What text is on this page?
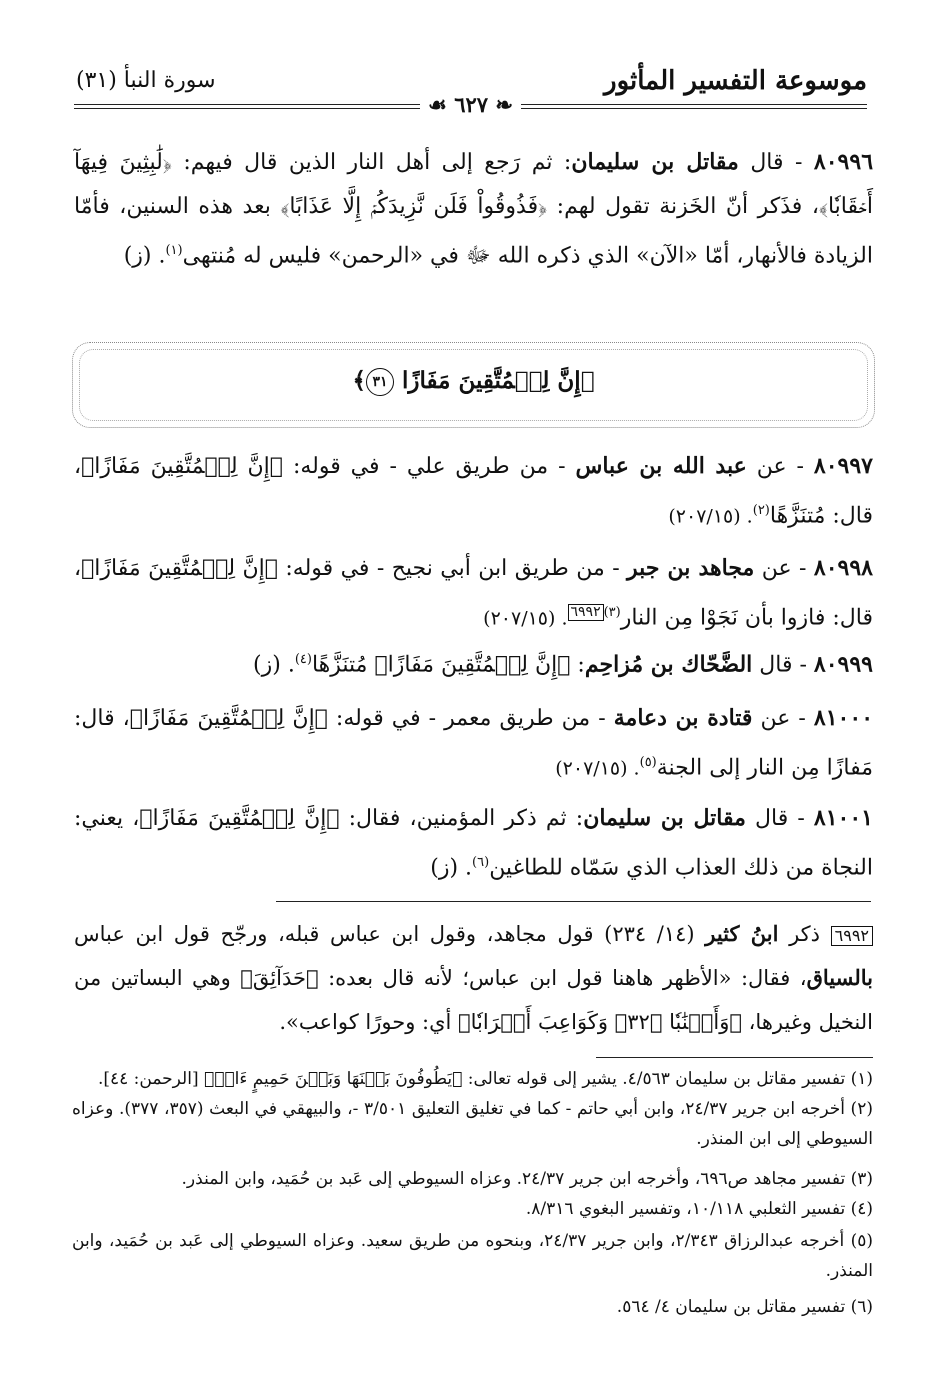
موسوعة التفسير المأثور
سورة النبأ (٣١)
❧ ٦٢٧ ☙
٨٠٩٩٦ - قال مقاتل بن سليمان: ثم رَجع إلى أهل النار الذين قال فيهم: ﴿لَٰبِثِينَ فِيهَآ أَحۡقَابٗا﴾، فذَكر أنّ الخَزنة تقول لهم: ﴿فَذُوقُواْ فَلَن نَّزِيدَكُمۡ إِلَّا عَذَابًا﴾ بعد هذه السنين، فأمّا الزيادة فالأنهار، أمّا «الآن» الذي ذكره الله ﷻ في «الرحمن» فليس له مُنتهى$^{(١)}$. (ز)
﴿إِنَّ لِلۡمُتَّقِينَ مَفَازًا ٣١﴾
٨٠٩٩٧ - عن عبد الله بن عباس - من طريق علي - في قوله: ﴿إِنَّ لِلۡمُتَّقِينَ مَفَازًا﴾، قال: مُتنَزَّهًا$^{(٢)}$. (٢٠٧/١٥)
٨٠٩٩٨ - عن مجاهد بن جبر - من طريق ابن أبي نجيح - في قوله: ﴿إِنَّ لِلۡمُتَّقِينَ مَفَازًا﴾، قال: فازوا بأن نَجَوْا مِن النار$^{(٣)}$٦٩٩٢. (٢٠٧/١٥)
٨٠٩٩٩ - قال الضَّحّاك بن مُزاحِم: ﴿إِنَّ لِلۡمُتَّقِينَ مَفَازًا﴾ مُتنَزَّهًا$^{(٤)}$. (ز)
٨١٠٠٠ - عن قتادة بن دعامة - من طريق معمر - في قوله: ﴿إِنَّ لِلۡمُتَّقِينَ مَفَازًا﴾، قال: مَفازًا مِن النار إلى الجنة$^{(٥)}$. (٢٠٧/١٥)
٨١٠٠١ - قال مقاتل بن سليمان: ثم ذكر المؤمنين، فقال: ﴿إِنَّ لِلۡمُتَّقِينَ مَفَازًا﴾، يعني: النجاة من ذلك العذاب الذي سَمّاه للطاغين$^{(٦)}$. (ز)
٦٩٩٢ ذكر ابنُ كثير (١٤/ ٢٣٤) قول مجاهد، وقول ابن عباس قبله، ورجّح قول ابن عباس بالسياق، فقال: «الأظهر هاهنا قول ابن عباس؛ لأنه قال بعده: ﴿حَدَآئِقَ﴾ وهي البساتين من النخيل وغيرها، ﴿وَأَعۡنَٰبٗا ﴿٣٢﴾ وَكَوَاعِبَ أَتۡرَابٗا﴾ أي: وحورًا كواعب».
(١) تفسير مقاتل بن سليمان ٤/٥٦٣. يشير إلى قوله تعالى: ﴿يَطُوفُونَ بَيۡنَهَا وَبَيۡنَ حَمِيمٍ ءَانٖ﴾ [الرحمن: ٤٤].
(٢) أخرجه ابن جرير ٢٤/٣٧، وابن أبي حاتم - كما في تغليق التعليق ٣/٥٠١ -، والبيهقي في البعث (٣٥٧، ٣٧٧). وعزاه السيوطي إلى ابن المنذر.
(٣) تفسير مجاهد ص٦٩٦، وأخرجه ابن جرير ٢٤/٣٧. وعزاه السيوطي إلى عَبد بن حُمَيد، وابن المنذر.
(٤) تفسير الثعلبي ١٠/١١٨، وتفسير البغوي ٨/٣١٦.
(٥) أخرجه عبدالرزاق ٢/٣٤٣، وابن جرير ٢٤/٣٧، وبنحوه من طريق سعيد. وعزاه السيوطي إلى عَبد بن حُمَيد، وابن المنذر.
(٦) تفسير مقاتل بن سليمان ٤/ ٥٦٤.
